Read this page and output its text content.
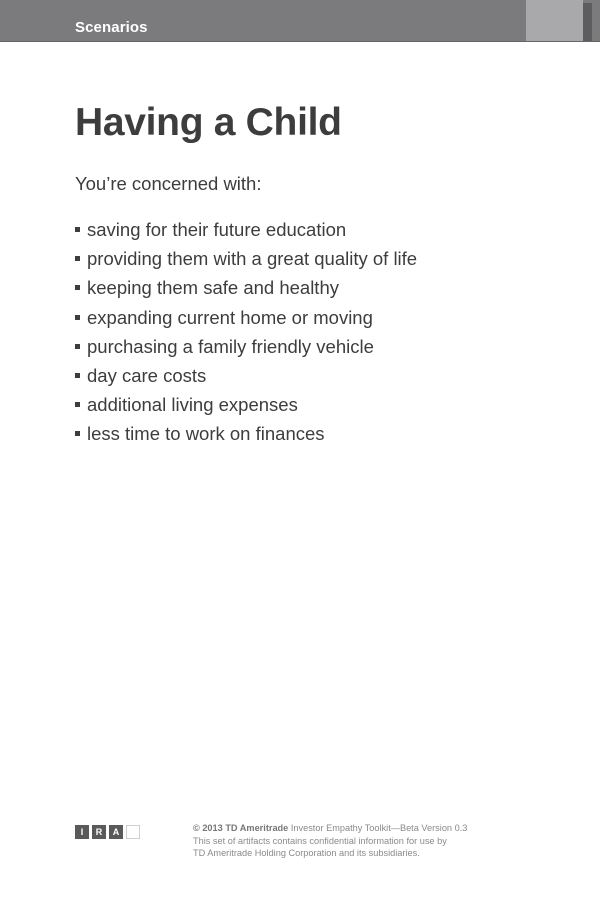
Scenarios
Having a Child
You’re concerned with:
saving for their future education
providing them with a great quality of life
keeping them safe and healthy
expanding current home or moving
purchasing a family friendly vehicle
day care costs
additional living expenses
less time to work on finances
I	R	A	© 2013 TD Ameritrade Investor Empathy Toolkit—Beta Version 0.3
This set of artifacts contains confidential information for use by
TD Ameritrade Holding Corporation and its subsidiaries.
